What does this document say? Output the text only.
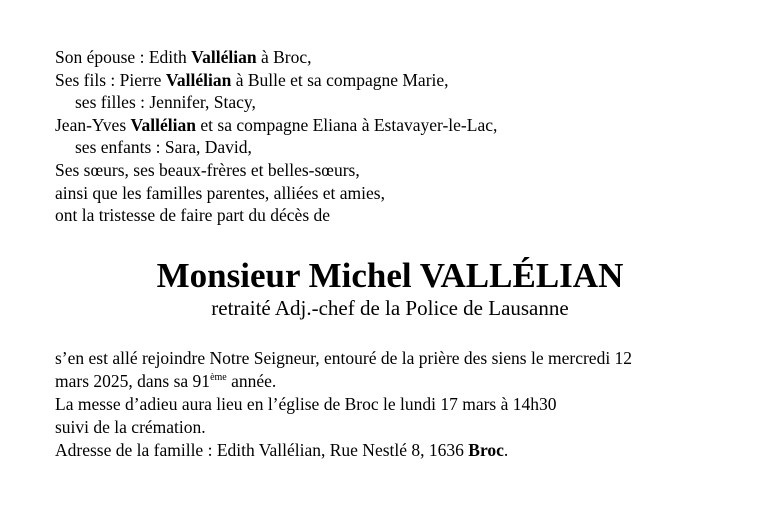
Son épouse : Edith Vallélian à Broc,
Ses fils : Pierre Vallélian à Bulle et sa compagne Marie,
ses filles : Jennifer, Stacy,
Jean-Yves Vallélian et sa compagne Eliana à Estavayer-le-Lac,
ses enfants : Sara, David,
Ses sœurs, ses beaux-frères et belles-sœurs,
ainsi que les familles parentes, alliées et amies,
ont la tristesse de faire part du décès de
Monsieur Michel VALLÉLIAN
retraité Adj.-chef de la Police de Lausanne
s’en est allé rejoindre Notre Seigneur, entouré de la prière des siens le mercredi 12
mars 2025, dans sa 91ème année.
La messe d’adieu aura lieu en l’église de Broc le lundi 17 mars à 14h30
suivi de la crémation.
Adresse de la famille : Edith Vallélian, Rue Nestlé 8, 1636 Broc.
